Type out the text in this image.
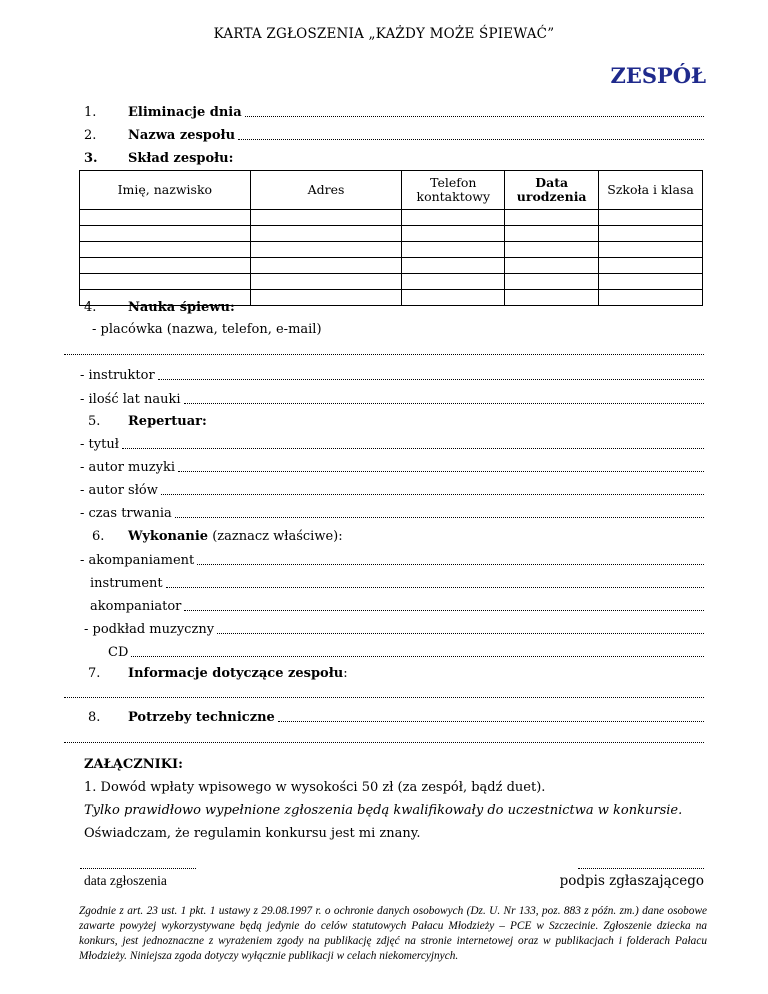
KARTA ZGŁOSZENIA „KAŻDY MOŻE ŚPIEWAĆ”
ZESPÓŁ
1. Eliminacje dnia
2. Nazwa zespołu
3. Skład zespołu:
Imię, nazwisko	Adres	Telefon kontaktowy	Data urodzenia	Szkoła i klasa

4. Nauka śpiewu:
- placówka (nazwa, telefon, e-mail)
- instruktor
- ilość lat nauki
5. Repertuar:
- tytuł
- autor muzyki
- autor słów
- czas trwania
6. Wykonanie (zaznacz właściwe):
- akompaniament
instrument
akompaniator
- podkład muzyczny
CD
7. Informacje dotyczące zespołu:
8. Potrzeby techniczne
ZAŁĄCZNIKI:
1. Dowód wpłaty wpisowego w wysokości 50 zł (za zespół, bądź duet).
Tylko prawidłowo wypełnione zgłoszenia będą kwalifikowały do uczestnictwa w konkursie.
Oświadczam, że regulamin konkursu jest mi znany.
data zgłoszenia	podpis zgłaszającego
Zgodnie z art. 23 ust. 1 pkt. 1 ustawy z 29.08.1997 r. o ochronie danych osobowych (Dz. U. Nr 133, poz. 883 z późn. zm.) dane osobowe zawarte powyżej wykorzystywane będą jedynie do celów statutowych Pałacu Młodzieży – PCE w Szczecinie. Zgłoszenie dziecka na konkurs, jest jednoznaczne z wyrażeniem zgody na publikację zdjęć na stronie internetowej oraz w publikacjach i folderach Pałacu Młodzieży. Niniejsza zgoda dotyczy wyłącznie publikacji w celach niekomercyjnych.
